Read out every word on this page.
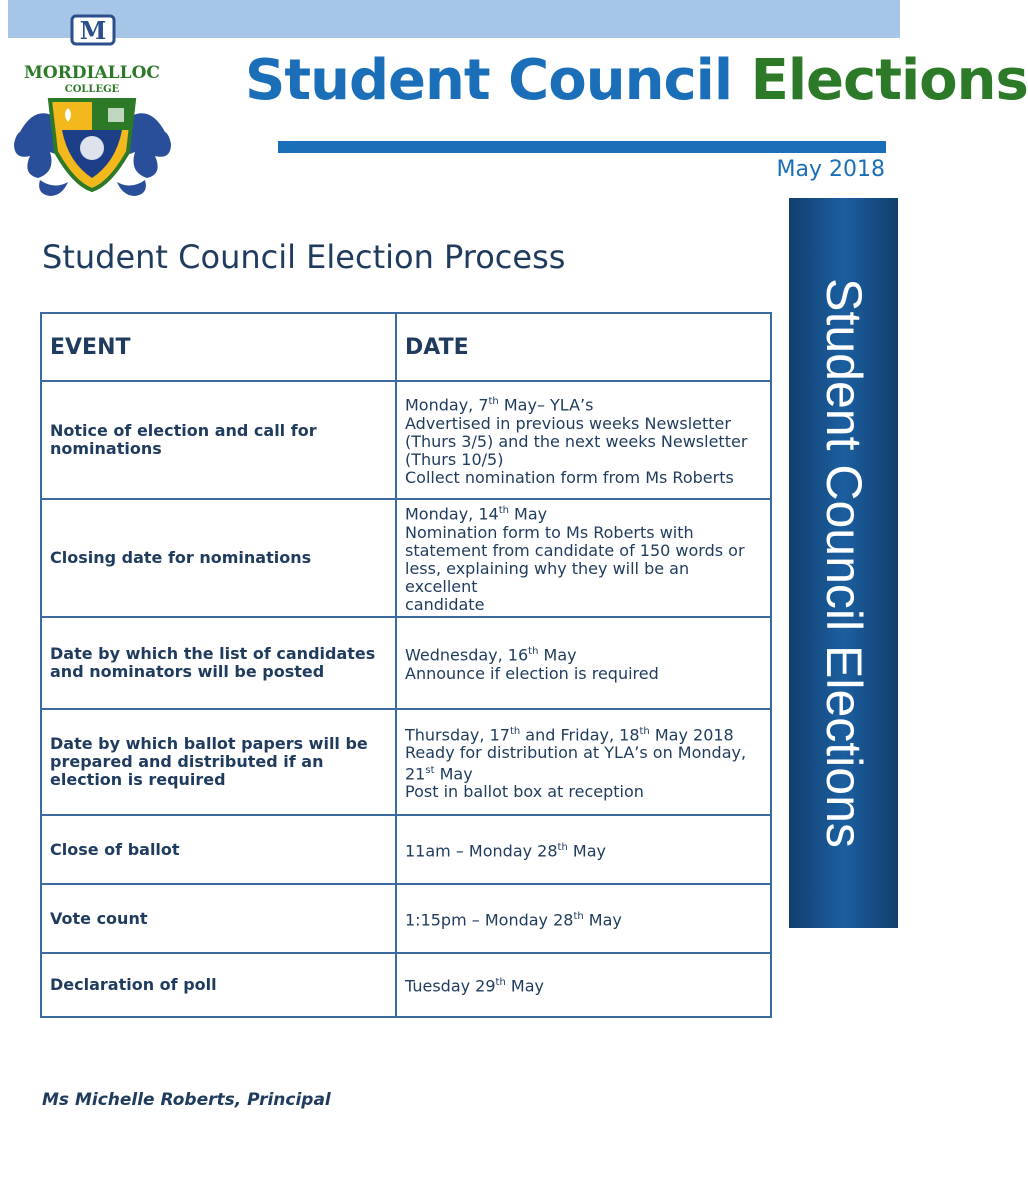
M
MORDIALLOC
COLLEGE Student Council Elections
May 2018
Student Council Elections
Student Council Election Process
EVENT	DATE
Notice of election and call for nominations	Monday, 7th May– YLA’s
Advertised in previous weeks Newsletter
(Thurs 3/5) and the next weeks Newsletter
(Thurs 10/5)
Collect nomination form from Ms Roberts

Closing date for nominations	Monday, 14th May
Nomination form to Ms Roberts with
statement from candidate of 150 words or
less, explaining why they will be an excellent
candidate

Date by which the list of candidates and nominators will be posted	Wednesday, 16th May
Announce if election is required

Date by which ballot papers will be prepared and distributed if an election is required	Thursday, 17th and Friday, 18th May 2018
Ready for distribution at YLA’s on Monday,
21st May
Post in ballot box at reception

Close of ballot	11am – Monday 28th May

Vote count	1:15pm – Monday 28th May

Declaration of poll	Tuesday 29th May
Ms Michelle Roberts, Principal
